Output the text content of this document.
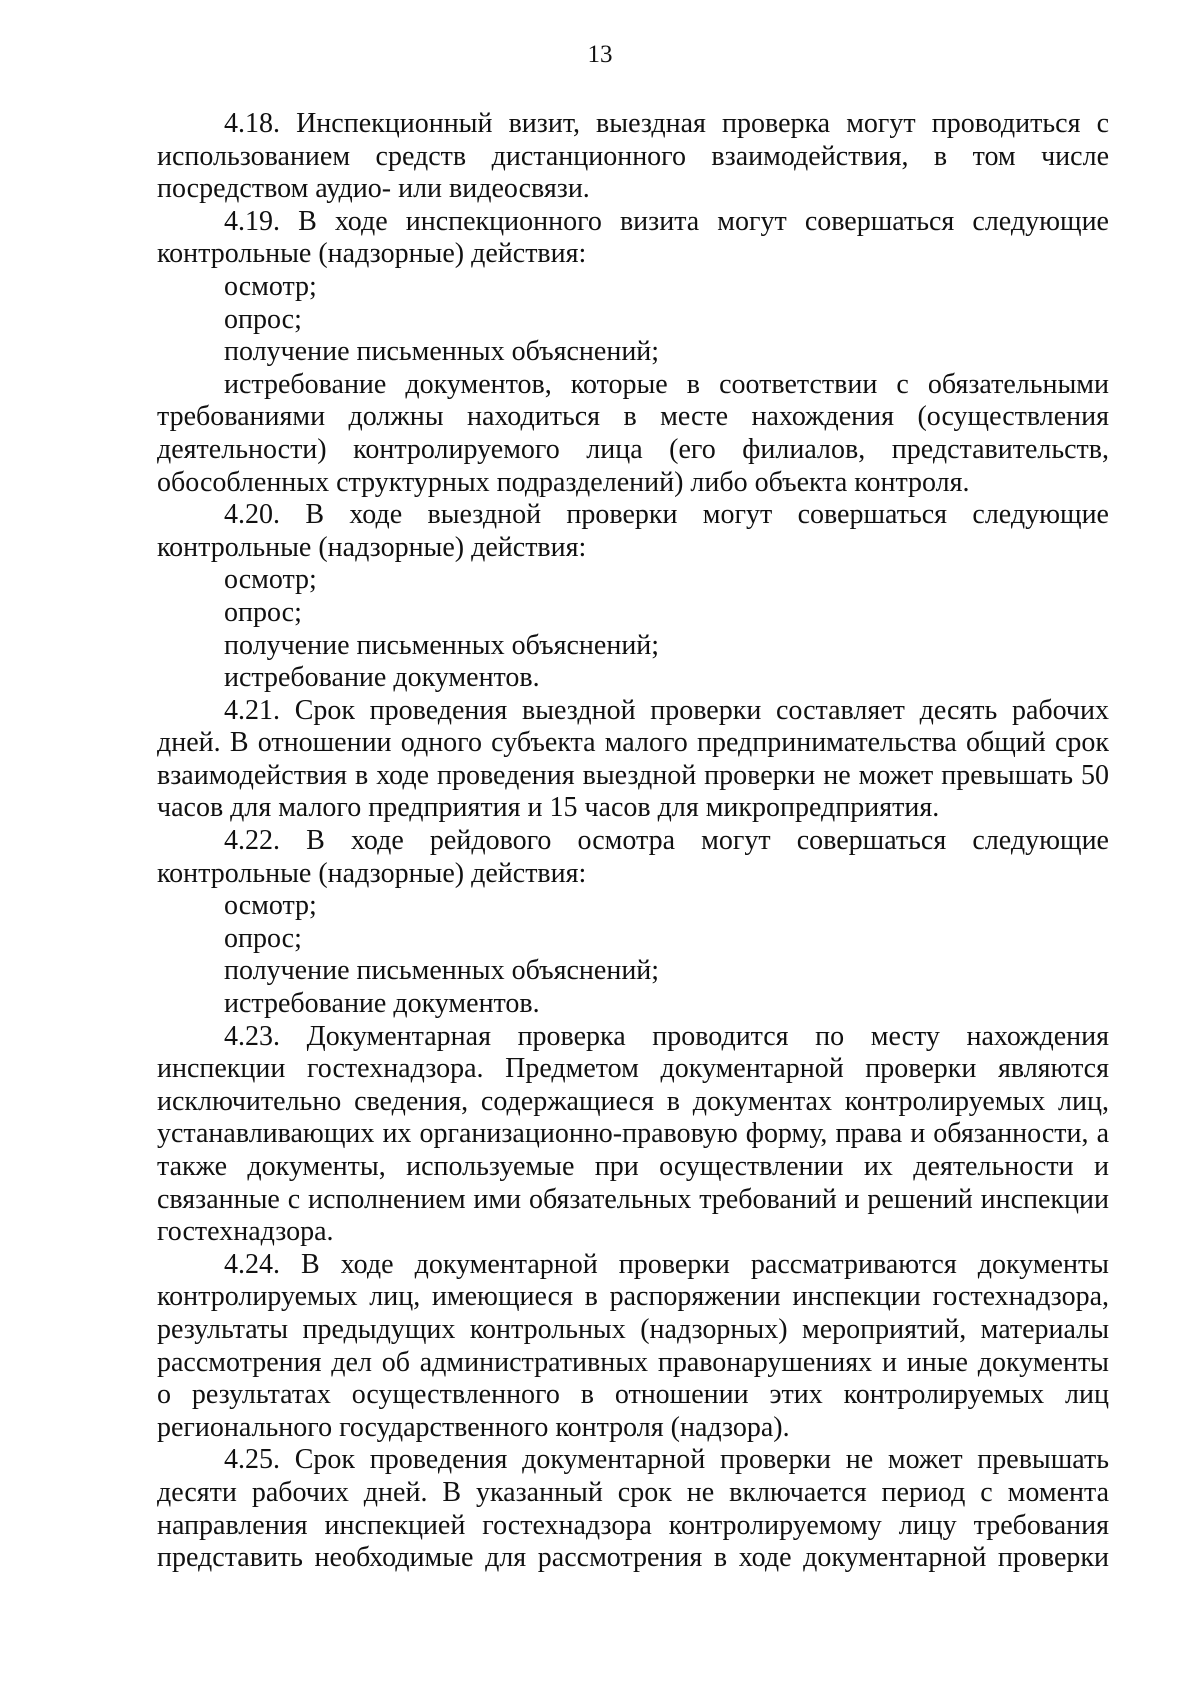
13

4.18. Инспекционный визит, выездная проверка могут проводиться с использованием средств дистанционного взаимодействия, в том числе посредством аудио- или видеосвязи.

4.19. В ходе инспекционного визита могут совершаться следующие контрольные (надзорные) действия:

осмотр;

опрос;

получение письменных объяснений;

истребование документов, которые в соответствии с обязательными требованиями должны находиться в месте нахождения (осуществления деятельности) контролируемого лица (его филиалов, представительств, обособленных структурных подразделений) либо объекта контроля.

4.20. В ходе выездной проверки могут совершаться следующие контрольные (надзорные) действия:

осмотр;

опрос;

получение письменных объяснений;

истребование документов.

4.21. Срок проведения выездной проверки составляет десять рабочих дней. В отношении одного субъекта малого предпринимательства общий срок взаимодействия в ходе проведения выездной проверки не может превышать 50 часов для малого предприятия и 15 часов для микропредприятия.

4.22. В ходе рейдового осмотра могут совершаться следующие контрольные (надзорные) действия:

осмотр;

опрос;

получение письменных объяснений;

истребование документов.

4.23. Документарная проверка проводится по месту нахождения инспекции гостехнадзора. Предметом документарной проверки являются исключительно сведения, содержащиеся в документах контролируемых лиц, устанавливающих их организационно-правовую форму, права и обязанности, а также документы, используемые при осуществлении их деятельности и связанные с исполнением ими обязательных требований и решений инспекции гостехнадзора.

4.24. В ходе документарной проверки рассматриваются документы контролируемых лиц, имеющиеся в распоряжении инспекции гостехнадзора, результаты предыдущих контрольных (надзорных) мероприятий, материалы рассмотрения дел об административных правонарушениях и иные документы о результатах осуществленного в отношении этих контролируемых лиц регионального государственного контроля (надзора).

4.25. Срок проведения документарной проверки не может превышать десяти рабочих дней. В указанный срок не включается период с момента направления инспекцией гостехнадзора контролируемому лицу требования представить необходимые для рассмотрения в ходе документарной проверки
